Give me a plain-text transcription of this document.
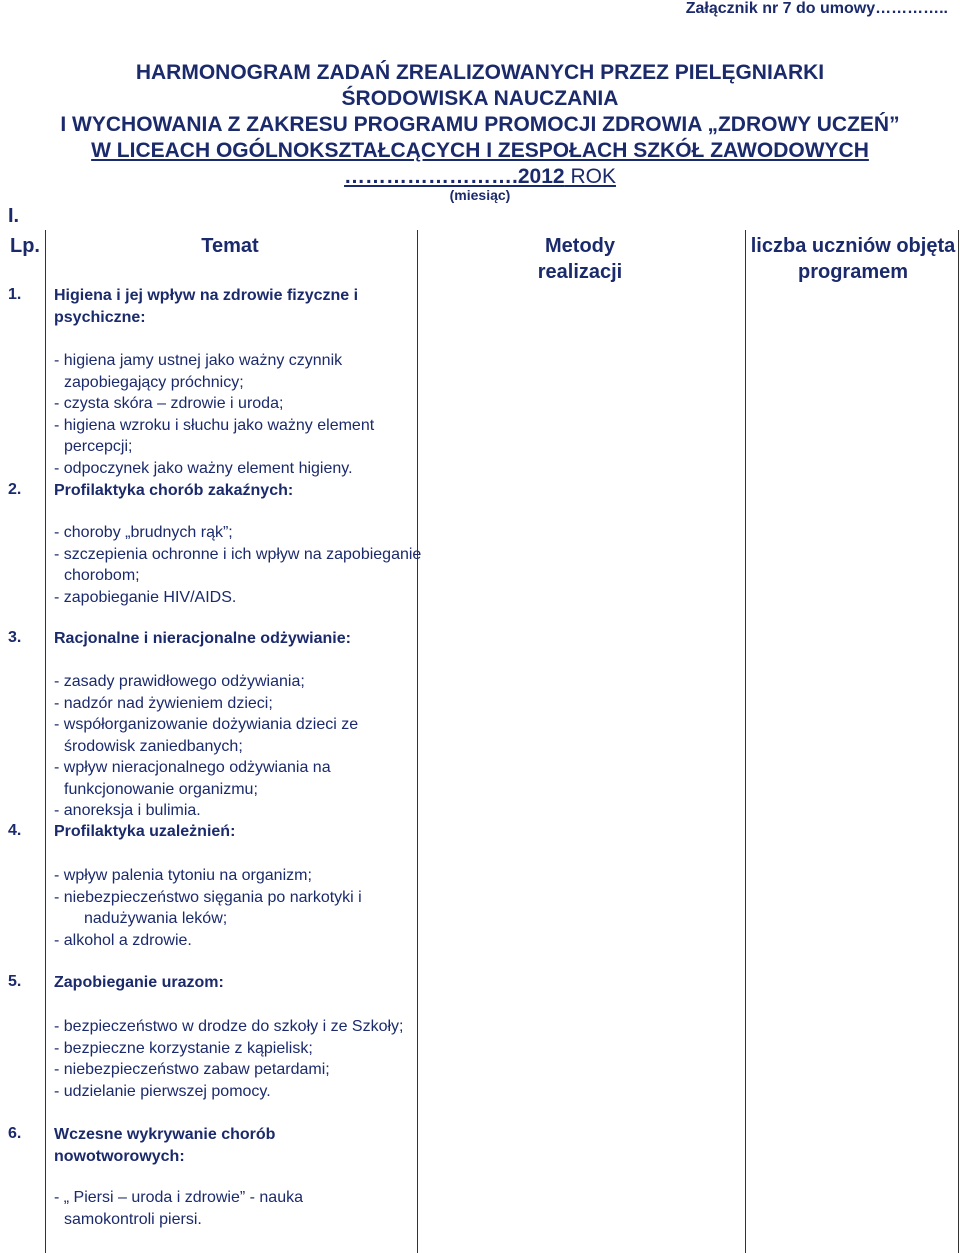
Załącznik nr 7 do umowy…………..
HARMONOGRAM ZADAŃ ZREALIZOWANYCH PRZEZ PIELĘGNIARKI
ŚRODOWISKA NAUCZANIA
I WYCHOWANIA Z ZAKRESU PROGRAMU PROMOCJI ZDROWIA „ZDROWY UCZEŃ”
W LICEACH OGÓLNOKSZTAŁCĄCYCH I ZESPOŁACH SZKÓŁ ZAWODOWYCH
…………………….2012 ROK
(miesiąc)
I.
Lp.	Temat	Metody realizacji
liczba uczniów objęta programem
1. Higiena i jej wpływ na zdrowie fizyczne i psychiczne:
- higiena jamy ustnej jako ważny czynnik zapobiegający próchnicy;
- czysta skóra – zdrowie i uroda;
- higiena wzroku i słuchu jako ważny element percepcji;
- odpoczynek jako ważny element higieny.
2. Profilaktyka chorób zakaźnych:
- choroby „brudnych rąk”;
- szczepienia ochronne i ich wpływ na zapobieganie chorobom;
- zapobieganie HIV/AIDS.
3. Racjonalne i nieracjonalne odżywianie:
- zasady prawidłowego odżywiania;
- nadzór nad żywieniem dzieci;
- współorganizowanie dożywiania dzieci ze środowisk zaniedbanych;
- wpływ nieracjonalnego odżywiania na funkcjonowanie organizmu;
- anoreksja i bulimia.
4. Profilaktyka uzależnień:
- wpływ palenia tytoniu na organizm;
- niebezpieczeństwo sięgania po narkotyki i nadużywania leków;
- alkohol a zdrowie.
5. Zapobieganie urazom:
- bezpieczeństwo w drodze do szkoły i ze Szkoły;
- bezpieczne korzystanie z kąpielisk;
- niebezpieczeństwo zabaw petardami;
- udzielanie pierwszej pomocy.
6. Wczesne wykrywanie chorób nowotworowych:
- „ Piersi – uroda i zdrowie” - nauka samokontroli piersi.
